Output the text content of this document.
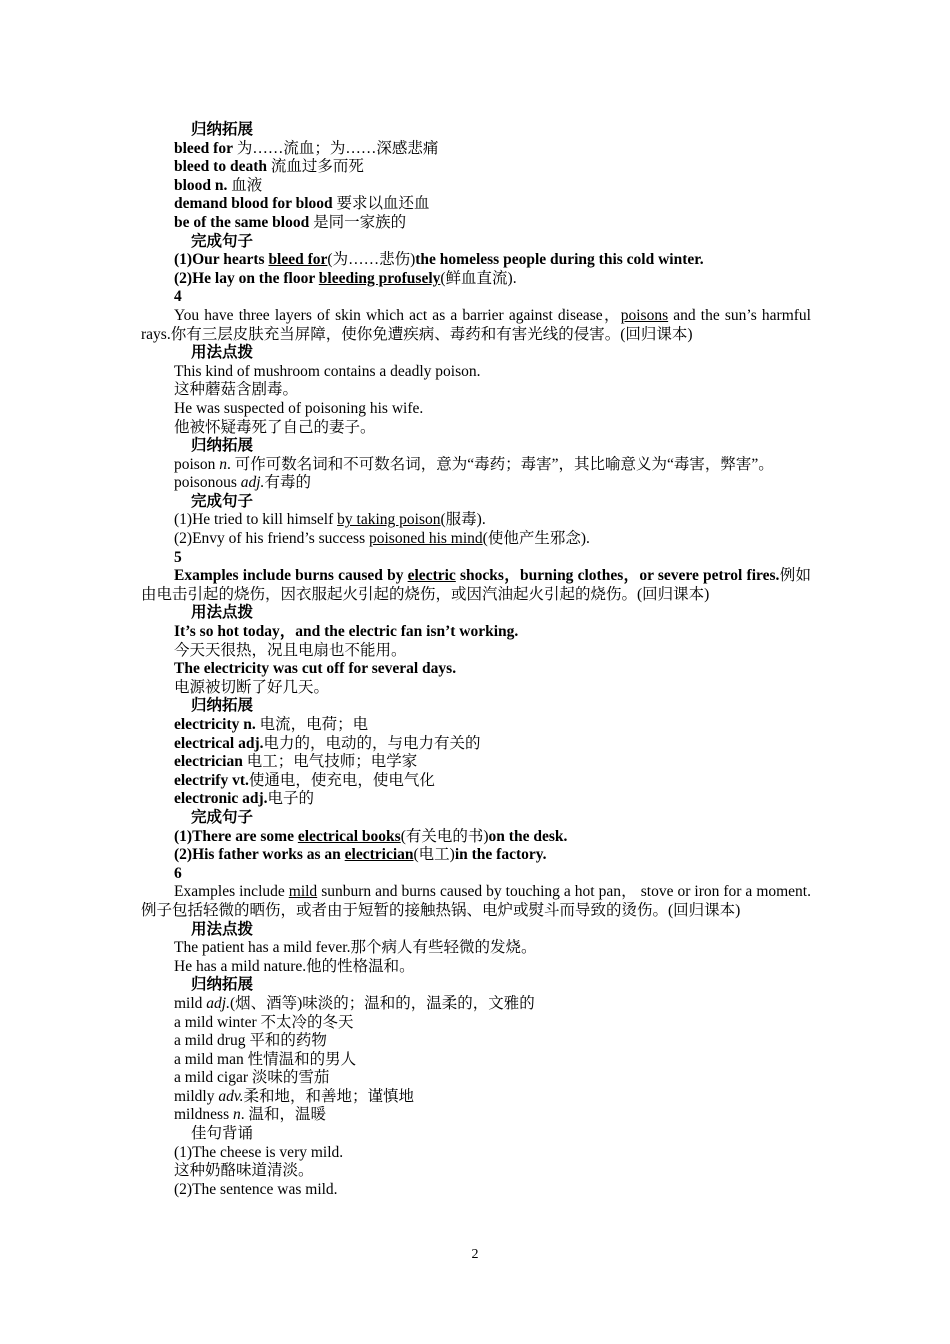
归纳拓展

bleed for 为……流血；为……深感悲痛

bleed to death 流血过多而死

blood n. 血液

demand blood for blood 要求以血还血

be of the same blood 是同一家族的

完成句子

(1)Our hearts bleed for(为……悲伤)the homeless people during this cold winter.

(2)He lay on the floor bleeding profusely(鲜血直流).

4

You have three layers of skin which act as a barrier against disease，poisons and the sun’s harmful rays.你有三层皮肤充当屏障，使你免遭疾病、毒药和有害光线的侵害。(回归课本)

用法点拨

This kind of mushroom contains a deadly poison.

这种蘑菇含剧毒。

He was suspected of poisoning his wife.

他被怀疑毒死了自己的妻子。

归纳拓展

poison n. 可作可数名词和不可数名词，意为“毒药；毒害”，其比喻意义为“毒害，弊害”。

poisonous adj.有毒的

完成句子

(1)He tried to kill himself by taking poison(服毒).

(2)Envy of his friend’s success poisoned his mind(使他产生邪念).

5

Examples include burns caused by electric shocks，burning clothes，or severe petrol fires.例如由电击引起的烧伤，因衣服起火引起的烧伤，或因汽油起火引起的烧伤。(回归课本)

用法点拨

It’s so hot today，and the electric fan isn’t working.

今天天很热，况且电扇也不能用。

The electricity was cut off for several days.

电源被切断了好几天。

归纳拓展

electricity n. 电流，电荷；电

electrical adj.电力的，电动的，与电力有关的

electrician 电工；电气技师；电学家

electrify vt.使通电，使充电，使电气化

electronic adj.电子的

完成句子

(1)There are some electrical books(有关电的书)on the desk.

(2)His father works as an electrician(电工)in the factory.

6

Examples include mild sunburn and burns caused by touching a hot pan， stove or iron for a moment.例子包括轻微的晒伤，或者由于短暂的接触热锅、电炉或熨斗而导致的烫伤。(回归课本)

用法点拨

The patient has a mild fever.那个病人有些轻微的发烧。

He has a mild nature.他的性格温和。

归纳拓展

mild adj.(烟、酒等)味淡的；温和的，温柔的，文雅的

a mild winter 不太冷的冬天

a mild drug 平和的药物

a mild man 性情温和的男人

a mild cigar 淡味的雪茄

mildly adv.柔和地，和善地；谨慎地

mildness n. 温和，温暖

佳句背诵

(1)The cheese is very mild.

这种奶酪味道清淡。

(2)The sentence was mild.

2
